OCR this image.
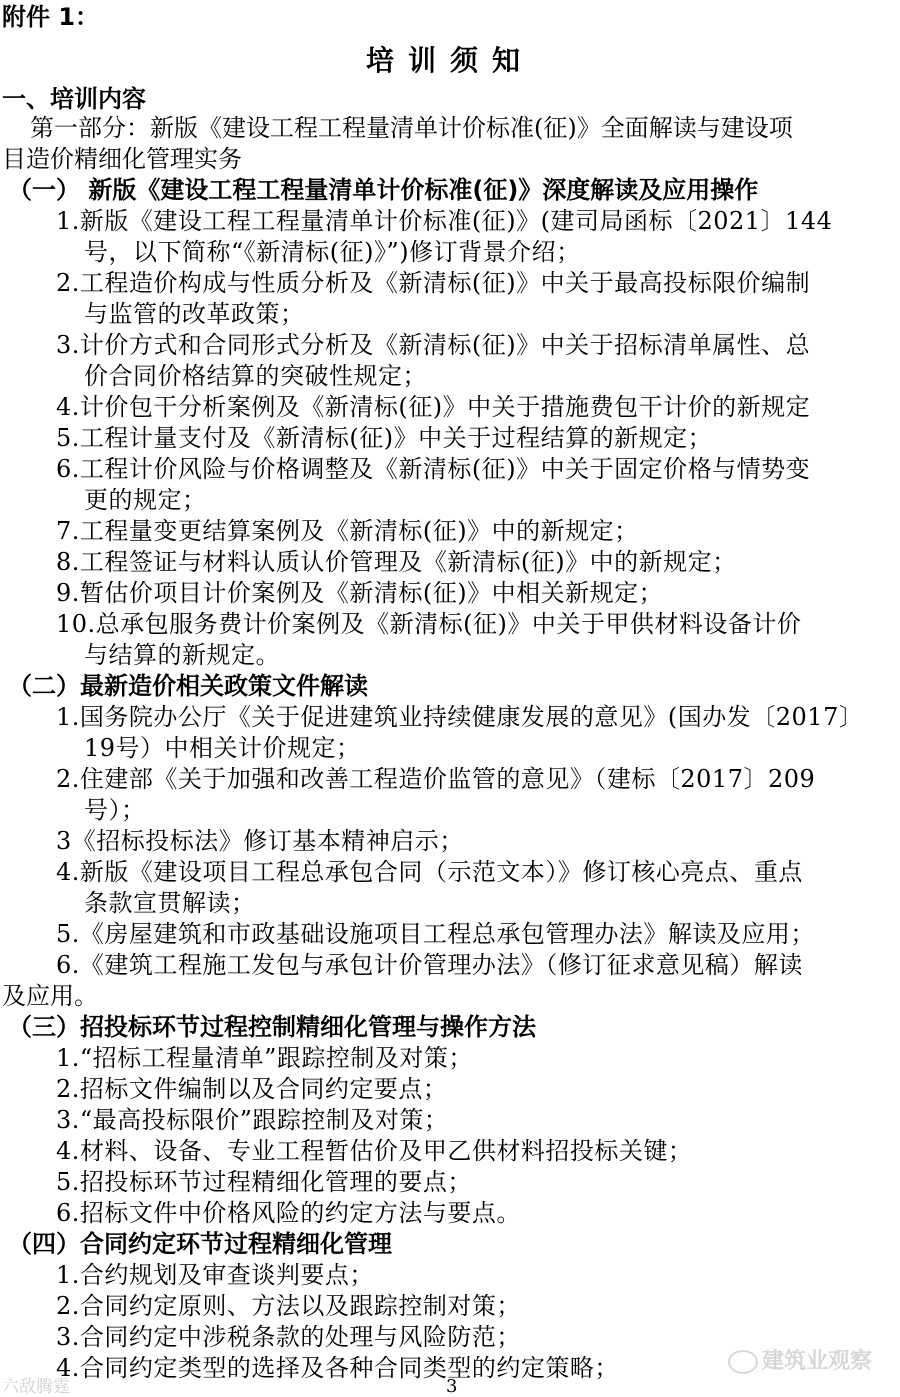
附件 1：
培训须知
一、培训内容
第一部分：新版《建设工程工程量清单计价标准(征)》全面解读与建设项
目造价精细化管理实务
（一） 新版《建设工程工程量清单计价标准(征)》深度解读及应用操作
1.新版《建设工程工程量清单计价标准(征)》(建司局函标〔2021〕144
号，以下简称“《新清标(征)》”)修订背景介绍；
2.工程造价构成与性质分析及《新清标(征)》中关于最高投标限价编制
与监管的改革政策；
3.计价方式和合同形式分析及《新清标(征)》中关于招标清单属性、总
价合同价格结算的突破性规定；
4.计价包干分析案例及《新清标(征)》中关于措施费包干计价的新规定
5.工程计量支付及《新清标(征)》中关于过程结算的新规定；
6.工程计价风险与价格调整及《新清标(征)》中关于固定价格与情势变
更的规定；
7.工程量变更结算案例及《新清标(征)》中的新规定；
8.工程签证与材料认质认价管理及《新清标(征)》中的新规定；
9.暂估价项目计价案例及《新清标(征)》中相关新规定；
10.总承包服务费计价案例及《新清标(征)》中关于甲供材料设备计价
与结算的新规定。
（二）最新造价相关政策文件解读
1.国务院办公厅《关于促进建筑业持续健康发展的意见》(国办发〔2017〕
19号）中相关计价规定；
2.住建部《关于加强和改善工程造价监管的意见》（建标〔2017〕209
号）；
3《招标投标法》修订基本精神启示；
4.新版《建设项目工程总承包合同（示范文本）》修订核心亮点、重点
条款宣贯解读；
5.《房屋建筑和市政基础设施项目工程总承包管理办法》解读及应用；
6.《建筑工程施工发包与承包计价管理办法》（修订征求意见稿）解读
及应用。
（三）招投标环节过程控制精细化管理与操作方法
1.“招标工程量清单”跟踪控制及对策；
2.招标文件编制以及合同约定要点；
3.“最高投标限价”跟踪控制及对策；
4.材料、设备、专业工程暂估价及甲乙供材料招投标关键；
5.招投标环节过程精细化管理的要点；
6.招标文件中价格风险的约定方法与要点。
（四）合同约定环节过程精细化管理
1.合约规划及审查谈判要点；
2.合同约定原则、方法以及跟踪控制对策；
3.合同约定中涉税条款的处理与风险防范；
4.合同约定类型的选择及各种合同类型的约定策略；
六敌腾霆
建筑业观察
3
